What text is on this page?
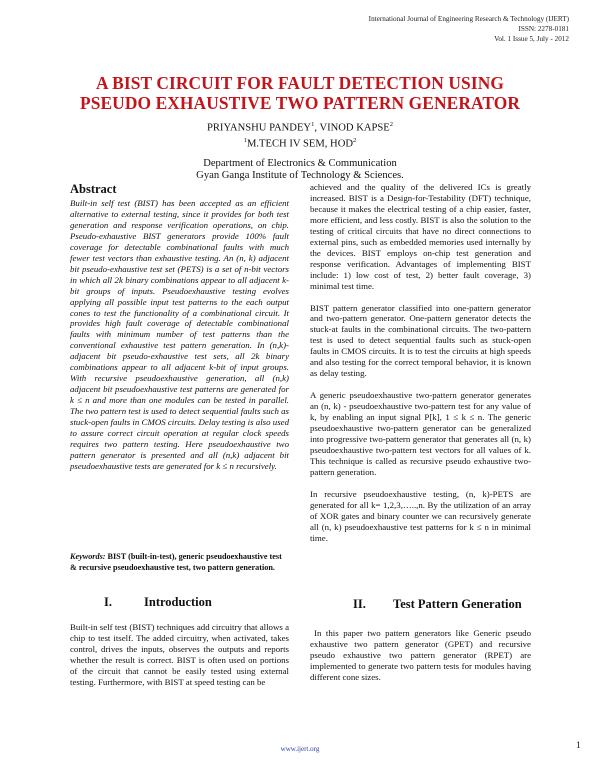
International Journal of Engineering Research & Technology (IJERT)
ISSN: 2278-0181
Vol. 1 Issue 5, July - 2012
A BIST CIRCUIT FOR FAULT DETECTION USING
PSEUDO EXHAUSTIVE TWO PATTERN GENERATOR
PRIYANSHU PANDEY$^1$, VINOD KAPSE$^2$
$^1$M.TECH IV SEM, HOD$^2$
Department of Electronics & Communication
Gyan Ganga Institute of Technology & Sciences.
Abstract
Built-in self test (BIST) has been accepted as an efficient alternative to external testing, since it provides for both test generation and response verification operations, on chip. Pseudo-exhaustive BIST generators provide 100% fault coverage for detectable combinational faults with much fewer test vectors than exhaustive testing. An (n, k) adjacent bit pseudo-exhaustive test set (PETS) is a set of n-bit vectors in which all 2k binary combinations appear to all adjacent k-bit groups of inputs. Pseudoexhaustive testing evolves applying all possible input test patterns to the each output cones to test the functionality of a combinational circuit. It provides high fault coverage of detectable combinational faults with minimum number of test patterns than the conventional exhaustive test pattern generation. In (n,k)-adjacent bit pseudo-exhaustive test sets, all 2k binary combinations appear to all adjacent k-bit of input groups. With recursive pseudoexhaustive generation, all (n,k) adjacent bit pseudoexhaustive test patterns are generated for k ≤ n and more than one modules can be tested in parallel. The two pattern test is used to detect sequential faults such as stuck-open faults in CMOS circuits. Delay testing is also used to assure correct circuit operation at regular clock speeds requires two pattern testing. Here pseudoexhaustive two pattern generator is presented and all (n,k) adjacent bit pseudoexhaustive tests are generated for k ≤ n recursively.
Keywords: BIST (built-in-test), generic pseudoexhaustive test & recursive pseudoexhaustive test, two pattern generation.
I.	Introduction
Built-in self test (BIST) techniques add circuitry that allows a chip to test itself. The added circuitry, when activated, takes control, drives the inputs, observes the outputs and reports whether the result is correct. BIST is often used on portions of the circuit that cannot be easily tested using external testing. Furthermore, with BIST at speed testing can be

achieved and the quality of the delivered ICs is greatly increased. BIST is a Design-for-Testability (DFT) technique, because it makes the electrical testing of a chip easier, faster, more efficient, and less costly. BIST is also the solution to the testing of critical circuits that have no direct connections to external pins, such as embedded memories used internally by the devices. BIST employs on-chip test generation and response verification. Advantages of implementing BIST include: 1) low cost of test, 2) better fault coverage, 3) minimal test time.

BIST pattern generator classified into one-pattern generator and two-pattern generator. One-pattern generator detects the stuck-at faults in the combinational circuits. The two-pattern test is used to detect sequential faults such as stuck-open faults in CMOS circuits. It is to test the circuits at high speeds and also testing for the correct temporal behavior, it is known as delay testing.

A generic pseudoexhaustive two-pattern generator generates an (n, k) - pseudoexhaustive two-pattern test for any value of k, by enabling an input signal P[k], 1 ≤ k ≤ n. The generic pseudoexhaustive two-pattern generator can be generalized into progressive two-pattern generator that generates all (n, k) pseudoexhaustive two-pattern test vectors for all values of k. This technique is called as recursive pseudo exhaustive two-pattern generation.

In recursive pseudoexhaustive testing, (n, k)-PETS are generated for all k= 1,2,3,…..,n. By the utilization of an array of XOR gates and binary counter we can recursively generate all (n, k) pseudoexhaustive test patterns for k ≤ n in minimal time.

II. Test Pattern Generation
In this paper two pattern generators like Generic pseudo exhaustive two pattern generator (GPET) and recursive pseudo exhaustive two pattern generator (RPET) are implemented to generate two pattern tests for modules having different cone sizes.
www.ijert.org	1
